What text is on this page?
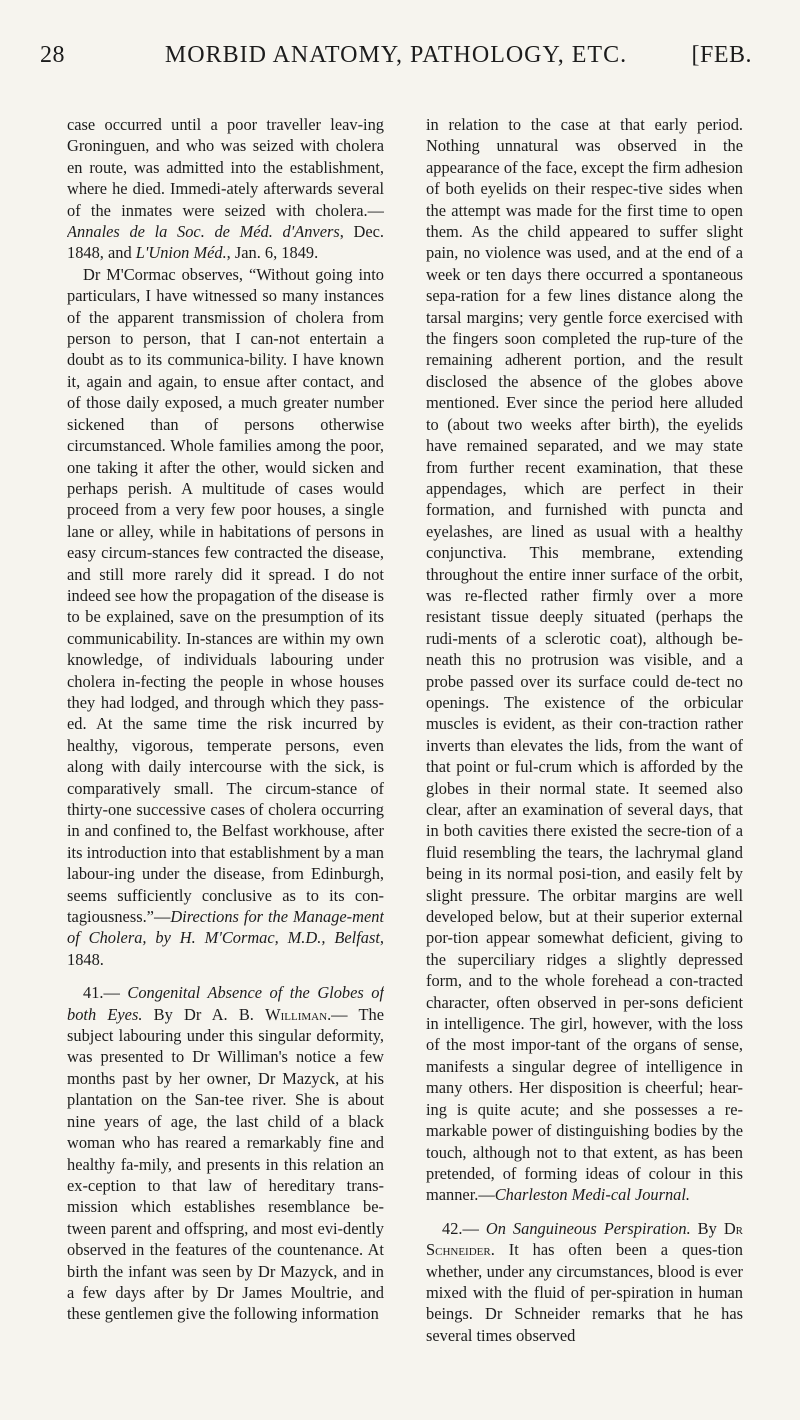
28	MORBID ANATOMY, PATHOLOGY, ETC.	[FEB.

case occurred until a poor traveller leav-ing Groninguen, and who was seized with cholera en route, was admitted into the establishment, where he died. Immedi-ately afterwards several of the inmates were seized with cholera.—Annales de la Soc. de Méd. d'Anvers, Dec. 1848, and L'Union Méd., Jan. 6, 1849.

Dr M'Cormac observes, “Without going into particulars, I have witnessed so many instances of the apparent transmission of cholera from person to person, that I can-not entertain a doubt as to its communica-bility. I have known it, again and again, to ensue after contact, and of those daily exposed, a much greater number sickened than of persons otherwise circumstanced. Whole families among the poor, one taking it after the other, would sicken and perhaps perish. A multitude of cases would proceed from a very few poor houses, a single lane or alley, while in habitations of persons in easy circum-stances few contracted the disease, and still more rarely did it spread. I do not indeed see how the propagation of the disease is to be explained, save on the presumption of its communicability. In-stances are within my own knowledge, of individuals labouring under cholera in-fecting the people in whose houses they had lodged, and through which they pass-ed. At the same time the risk incurred by healthy, vigorous, temperate persons, even along with daily intercourse with the sick, is comparatively small. The circum-stance of thirty-one successive cases of cholera occurring in and confined to, the Belfast workhouse, after its introduction into that establishment by a man labour-ing under the disease, from Edinburgh, seems sufficiently conclusive as to its con-tagiousness.”—Directions for the Manage-ment of Cholera, by H. M'Cormac, M.D., Belfast, 1848.

41.— Congenital Absence of the Globes of both Eyes. By Dr A. B. Williman.— The subject labouring under this singular deformity, was presented to Dr Williman's notice a few months past by her owner, Dr Mazyck, at his plantation on the San-tee river. She is about nine years of age, the last child of a black woman who has reared a remarkably fine and healthy fa-mily, and presents in this relation an ex-ception to that law of hereditary trans-mission which establishes resemblance be-tween parent and offspring, and most evi-dently observed in the features of the countenance. At birth the infant was seen by Dr Mazyck, and in a few days after by Dr James Moultrie, and these gentlemen give the following information

in relation to the case at that early period. Nothing unnatural was observed in the appearance of the face, except the firm adhesion of both eyelids on their respec-tive sides when the attempt was made for the first time to open them. As the child appeared to suffer slight pain, no violence was used, and at the end of a week or ten days there occurred a spontaneous sepa-ration for a few lines distance along the tarsal margins; very gentle force exercised with the fingers soon completed the rup-ture of the remaining adherent portion, and the result disclosed the absence of the globes above mentioned. Ever since the period here alluded to (about two weeks after birth), the eyelids have remained separated, and we may state from further recent examination, that these appendages, which are perfect in their formation, and furnished with puncta and eyelashes, are lined as usual with a healthy conjunctiva. This membrane, extending throughout the entire inner surface of the orbit, was re-flected rather firmly over a more resistant tissue deeply situated (perhaps the rudi-ments of a sclerotic coat), although be-neath this no protrusion was visible, and a probe passed over its surface could de-tect no openings. The existence of the orbicular muscles is evident, as their con-traction rather inverts than elevates the lids, from the want of that point or ful-crum which is afforded by the globes in their normal state. It seemed also clear, after an examination of several days, that in both cavities there existed the secre-tion of a fluid resembling the tears, the lachrymal gland being in its normal posi-tion, and easily felt by slight pressure. The orbitar margins are well developed below, but at their superior external por-tion appear somewhat deficient, giving to the superciliary ridges a slightly depressed form, and to the whole forehead a con-tracted character, often observed in per-sons deficient in intelligence. The girl, however, with the loss of the most impor-tant of the organs of sense, manifests a singular degree of intelligence in many others. Her disposition is cheerful; hear-ing is quite acute; and she possesses a re-markable power of distinguishing bodies by the touch, although not to that extent, as has been pretended, of forming ideas of colour in this manner.—Charleston Medi-cal Journal.

42.— On Sanguineous Perspiration. By Dr Schneider. It has often been a ques-tion whether, under any circumstances, blood is ever mixed with the fluid of per-spiration in human beings. Dr Schneider remarks that he has several times observed
